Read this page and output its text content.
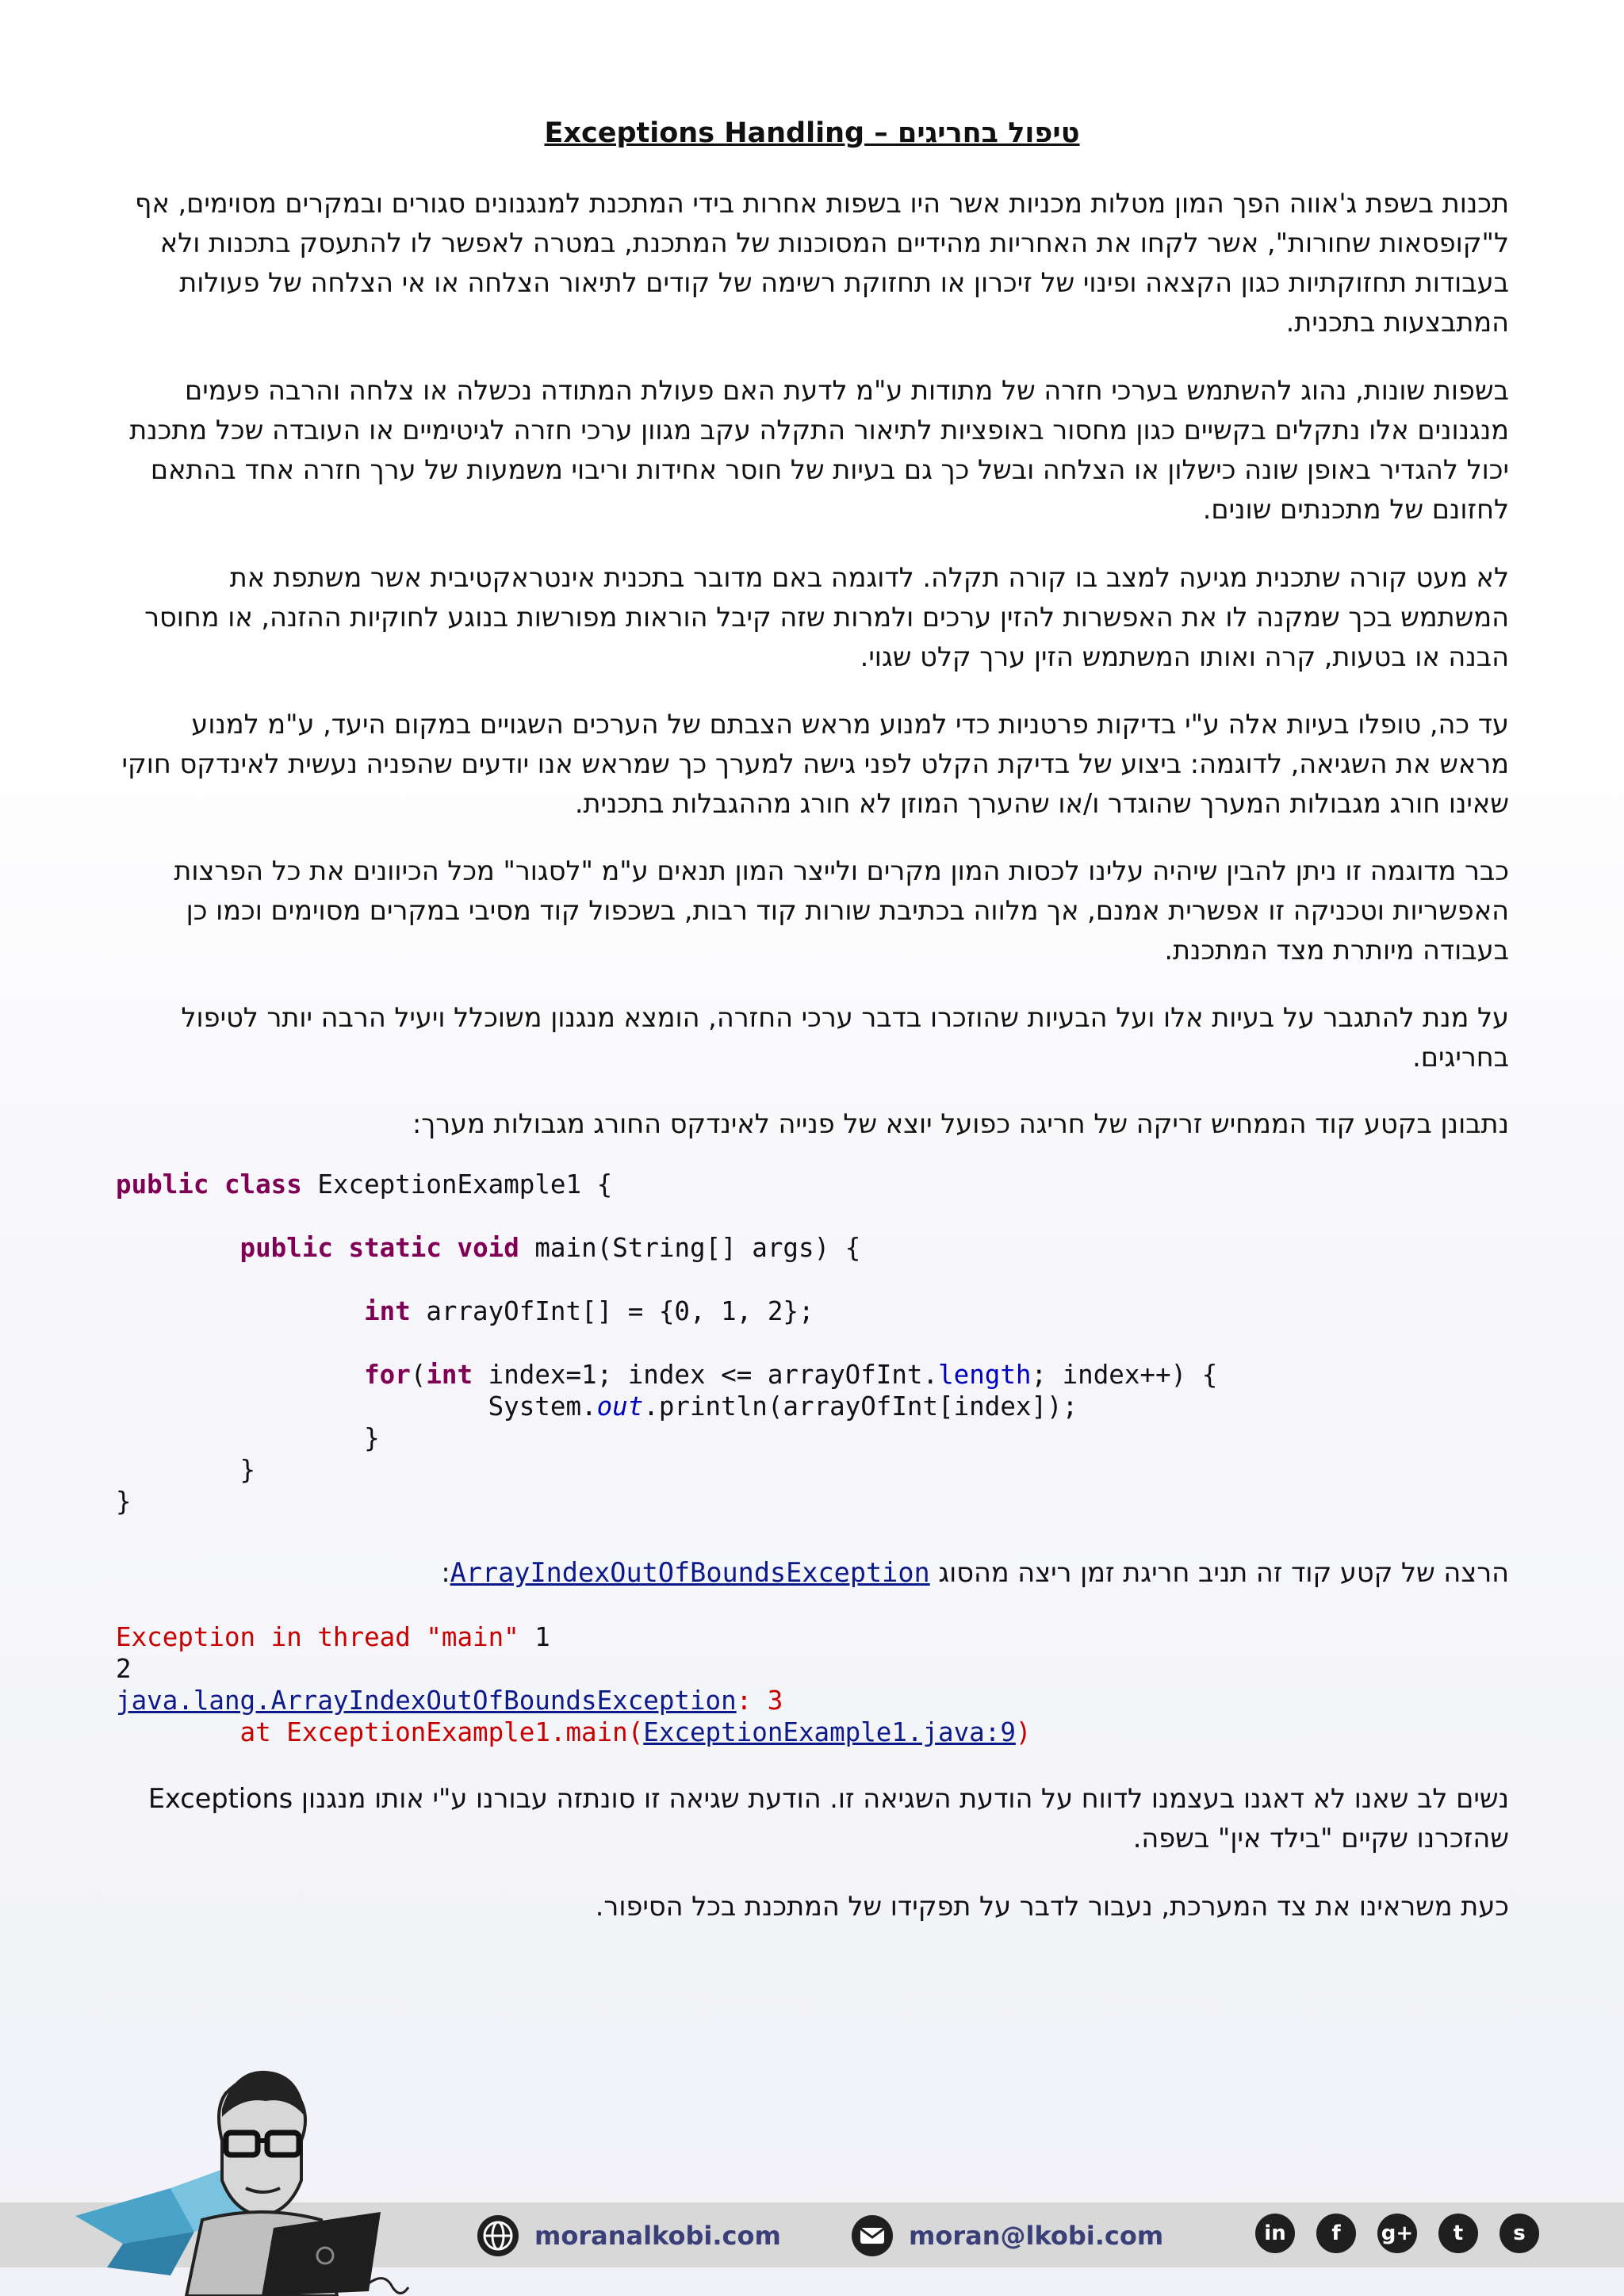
טיפול בחריגים – Exceptions Handling

תכנות בשפת ג'אווה הפך המון מטלות מכניות אשר היו בשפות אחרות בידי המתכנת למנגנונים סגורים ובמקרים מסוימים, אף ל"קופסאות שחורות", אשר לקחו את האחריות מהידיים המסוכנות של המתכנת, במטרה לאפשר לו להתעסק בתכנות ולא בעבודות תחזוקתיות כגון הקצאה ופינוי של זיכרון או תחזוקת רשימה של קודים לתיאור הצלחה או אי הצלחה של פעולות המתבצעות בתכנית.

בשפות שונות, נהוג להשתמש בערכי חזרה של מתודות ע"מ לדעת האם פעולת המתודה נכשלה או צלחה והרבה פעמים מנגנונים אלו נתקלים בקשיים כגון מחסור באופציות לתיאור התקלה עקב מגוון ערכי חזרה לגיטימיים או העובדה שכל מתכנת יכול להגדיר באופן שונה כישלון או הצלחה ובשל כך גם בעיות של חוסר אחידות וריבוי משמעות של ערך חזרה אחד בהתאם לחזונם של מתכנתים שונים.

לא מעט קורה שתכנית מגיעה למצב בו קורה תקלה. לדוגמה באם מדובר בתכנית אינטראקטיבית אשר משתפת את המשתמש בכך שמקנה לו את האפשרות להזין ערכים ולמרות שזה קיבל הוראות מפורשות בנוגע לחוקיות ההזנה, או מחוסר הבנה או בטעות, קרה ואותו המשתמש הזין ערך קלט שגוי.

עד כה, טופלו בעיות אלה ע"י בדיקות פרטניות כדי למנוע מראש הצבתם של הערכים השגויים במקום היעד, ע"מ למנוע מראש את השגיאה, לדוגמה: ביצוע של בדיקת הקלט לפני גישה למערך כך שמראש אנו יודעים שהפניה נעשית לאינדקס חוקי שאינו חורג מגבולות המערך שהוגדר ו/או שהערך המוזן לא חורג מההגבלות בתכנית.

כבר מדוגמה זו ניתן להבין שיהיה עלינו לכסות המון מקרים ולייצר המון תנאים ע"מ "לסגור" מכל הכיוונים את כל הפרצות האפשריות וטכניקה זו אפשרית אמנם, אך מלווה בכתיבת שורות קוד רבות, בשכפול קוד מסיבי במקרים מסוימים וכמו כן בעבודה מיותרת מצד המתכנת.

על מנת להתגבר על בעיות אלו ועל הבעיות שהוזכרו בדבר ערכי החזרה, הומצא מנגנון משוכלל ויעיל הרבה יותר לטיפול בחריגים.

נתבונן בקטע קוד הממחיש זריקה של חריגה כפועל יוצא של פנייה לאינדקס החורג מגבולות מערך:

public class ExceptionExample1 {

public static void main(String[] args) {

int arrayOfInt[] = {0, 1, 2};

for(int index=1; index <= arrayOfInt.length; index++) {
System.out.println(arrayOfInt[index]);
}
}
}

הרצה של קטע קוד זה תניב חריגת זמן ריצה מהסוג ArrayIndexOutOfBoundsException:

Exception in thread "main" 1
2
java.lang.ArrayIndexOutOfBoundsException: 3
at ExceptionExample1.main(ExceptionExample1.java:9)

נשים לב שאנו לא דאגנו בעצמנו לדווח על הודעת השגיאה זו. הודעת שגיאה זו סונתזה עבורנו ע"י אותו מנגנון Exceptions שהזכרנו שקיים "בילד אין" בשפה.

כעת משראינו את צד המערכת, נעבור לדבר על תפקידו של המתכנת בכל הסיפור.

moranalkobi.com	moran@lkobi.com	in	f	g+	t	s
